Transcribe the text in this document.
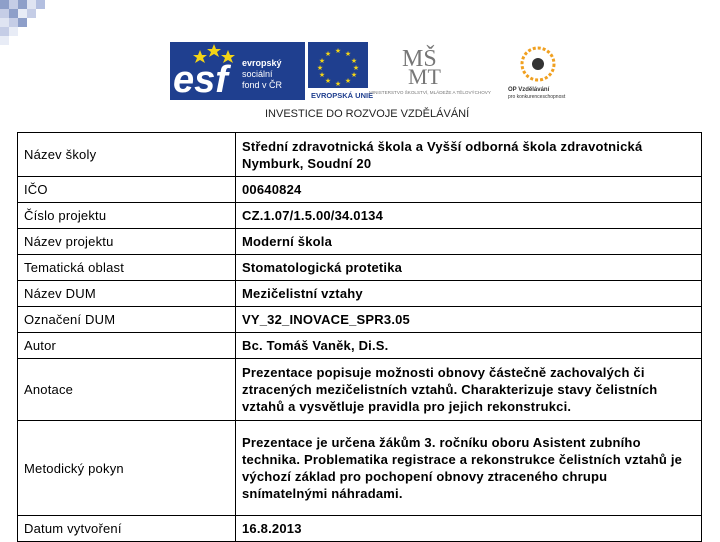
esf	evropský
sociální
fond v ČR
★ ★
★
★
★
★
★
★
★
★
★
★
EVROPSKÁ UNIE
MŠ
MT
MINISTERSTVO ŠKOLSTVÍ, MLÁDEŽE A TĚLOVÝCHOVY	OP Vzdělávání
pro konkurenceschopnost
INVESTICE DO ROZVOJE VZDĚLÁVÁNÍ
Název školy	Střední zdravotnická škola a Vyšší odborná škola zdravotnická Nymburk, Soudní 20
IČO	00640824
Číslo projektu	CZ.1.07/1.5.00/34.0134
Název projektu	Moderní škola
Tematická oblast	Stomatologická protetika
Název DUM	Mezičelistní vztahy
Označení DUM	VY_32_INOVACE_SPR3.05
Autor	Bc. Tomáš Vaněk, Di.S.
Anotace	Prezentace popisuje možnosti obnovy částečně zachovalých či ztracených mezičelistních vztahů. Charakterizuje stavy čelistních vztahů a vysvětluje pravidla pro jejich rekonstrukci.
Metodický pokyn	Prezentace je určena žákům 3. ročníku oboru Asistent zubního technika. Problematika registrace a rekonstrukce čelistních vztahů je výchozí základ pro pochopení obnovy ztraceného chrupu snímatelnými náhradami.
Datum vytvoření	16.8.2013
